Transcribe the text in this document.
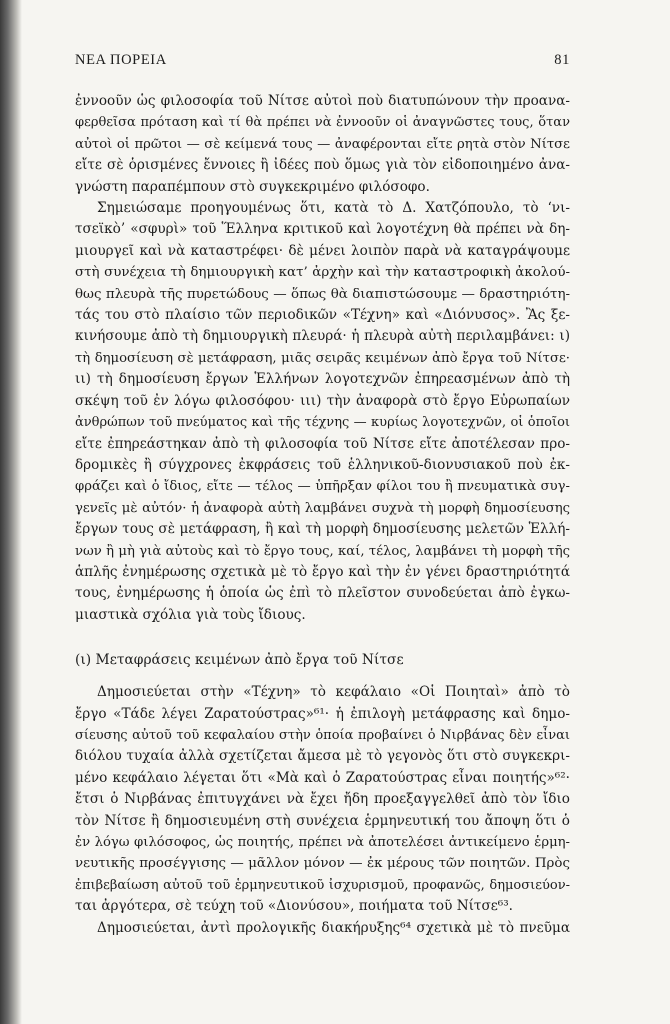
ΝΕΑ ΠΟΡΕΙΑ	81

ἐννοοῦν ὡς φιλοσοφία τοῦ Νίτσε αὐτοὶ ποὺ διατυπώνουν τὴν προανα-
φερθεῖσα πρόταση καὶ τί θὰ πρέπει νὰ ἐννοοῦν οἱ ἀναγνῶστες τους, ὅταν
αὐτοὶ οἱ πρῶτοι — σὲ κείμενά τους — ἀναφέρονται εἴτε ρητὰ στὸν Νίτσε
εἴτε σὲ ὁρισμένες ἔννοιες ἢ ἰδέες ποὺ ὅμως γιὰ τὸν εἰδοποιημένο ἀνα-
γνώστη παραπέμπουν στὸ συγκεκριμένο φιλόσοφο.

Σημειώσαμε προηγουμένως ὅτι, κατὰ τὸ Δ. Χατζόπουλο, τὸ ‘νι-
τσεϊκὸ’ «σφυρὶ» τοῦ Ἕλληνα κριτικοῦ καὶ λογοτέχνη θὰ πρέπει νὰ δη-
μιουργεῖ καὶ νὰ καταστρέφει· δὲ μένει λοιπὸν παρὰ νὰ καταγράψουμε
στὴ συνέχεια τὴ δημιουργικὴ κατ’ ἀρχὴν καὶ τὴν καταστροφικὴ ἀκολού-
θως πλευρὰ τῆς πυρετώδους — ὅπως θὰ διαπιστώσουμε — δραστηριότη-
τάς του στὸ πλαίσιο τῶν περιοδικῶν «Τέχνη» καὶ «Διόνυσος». Ἂς ξε-
κινήσουμε ἀπὸ τὴ δημιουργικὴ πλευρά· ἡ πλευρὰ αὐτὴ περιλαμβάνει: ι)
τὴ δημοσίευση σὲ μετάφραση, μιᾶς σειρᾶς κειμένων ἀπὸ ἔργα τοῦ Νίτσε·
ιι) τὴ δημοσίευση ἔργων Ἑλλήνων λογοτεχνῶν ἐπηρεασμένων ἀπὸ τὴ
σκέψη τοῦ ἐν λόγω φιλοσόφου· ιιι) τὴν ἀναφορὰ στὸ ἔργο Εὐρωπαίων
ἀνθρώπων τοῦ πνεύματος καὶ τῆς τέχνης — κυρίως λογοτεχνῶν, οἱ ὁποῖοι
εἴτε ἐπηρεάστηκαν ἀπὸ τὴ φιλοσοφία τοῦ Νίτσε εἴτε ἀποτέλεσαν προ-
δρομικὲς ἢ σύγχρονες ἐκφράσεις τοῦ ἑλληνικοῦ-διονυσιακοῦ ποὺ ἐκ-
φράζει καὶ ὁ ἴδιος, εἴτε — τέλος — ὑπῆρξαν φίλοι του ἢ πνευματικὰ συγ-
γενεῖς μὲ αὐτόν· ἡ ἀναφορὰ αὐτὴ λαμβάνει συχνὰ τὴ μορφὴ δημοσίευσης
ἔργων τους σὲ μετάφραση, ἢ καὶ τὴ μορφὴ δημοσίευσης μελετῶν Ἑλλή-
νων ἢ μὴ γιὰ αὐτοὺς καὶ τὸ ἔργο τους, καί, τέλος, λαμβάνει τὴ μορφὴ τῆς
ἁπλῆς ἐνημέρωσης σχετικὰ μὲ τὸ ἔργο καὶ τὴν ἐν γένει δραστηριότητά
τους, ἐνημέρωσης ἡ ὁποία ὡς ἐπὶ τὸ πλεῖστον συνοδεύεται ἀπὸ ἐγκω-
μιαστικὰ σχόλια γιὰ τοὺς ἴδιους.

(ι) Μεταφράσεις κειμένων ἀπὸ ἔργα τοῦ Νίτσε

Δημοσιεύεται στὴν «Τέχνη» τὸ κεφάλαιο «Οἱ Ποιηταὶ» ἀπὸ τὸ
ἔργο «Τάδε λέγει Ζαρατούστρας»⁶¹· ἡ ἐπιλογὴ μετάφρασης καὶ δημο-
σίευσης αὐτοῦ τοῦ κεφαλαίου στὴν ὁποία προβαίνει ὁ Νιρβάνας δὲν εἶναι
διόλου τυχαία ἀλλὰ σχετίζεται ἄμεσα μὲ τὸ γεγονὸς ὅτι στὸ συγκεκρι-
μένο κεφάλαιο λέγεται ὅτι «Μὰ καὶ ὁ Ζαρατούστρας εἶναι ποιητής»⁶²·
ἔτσι ὁ Νιρβάνας ἐπιτυγχάνει νὰ ἔχει ἤδη προεξαγγελθεῖ ἀπὸ τὸν ἴδιο
τὸν Νίτσε ἢ δημοσιευμένη στὴ συνέχεια ἑρμηνευτική του ἄποψη ὅτι ὁ
ἐν λόγω φιλόσοφος, ὡς ποιητής, πρέπει νὰ ἀποτελέσει ἀντικείμενο ἑρμη-
νευτικῆς προσέγγισης — μᾶλλον μόνον — ἐκ μέρους τῶν ποιητῶν. Πρὸς
ἐπιβεβαίωση αὐτοῦ τοῦ ἑρμηνευτικοῦ ἰσχυρισμοῦ, προφανῶς, δημοσιεύον-
ται ἀργότερα, σὲ τεύχη τοῦ «Διονύσου», ποιήματα τοῦ Νίτσε⁶³.

Δημοσιεύεται, ἀντὶ προλογικῆς διακήρυξης⁶⁴ σχετικὰ μὲ τὸ πνεῦμα
